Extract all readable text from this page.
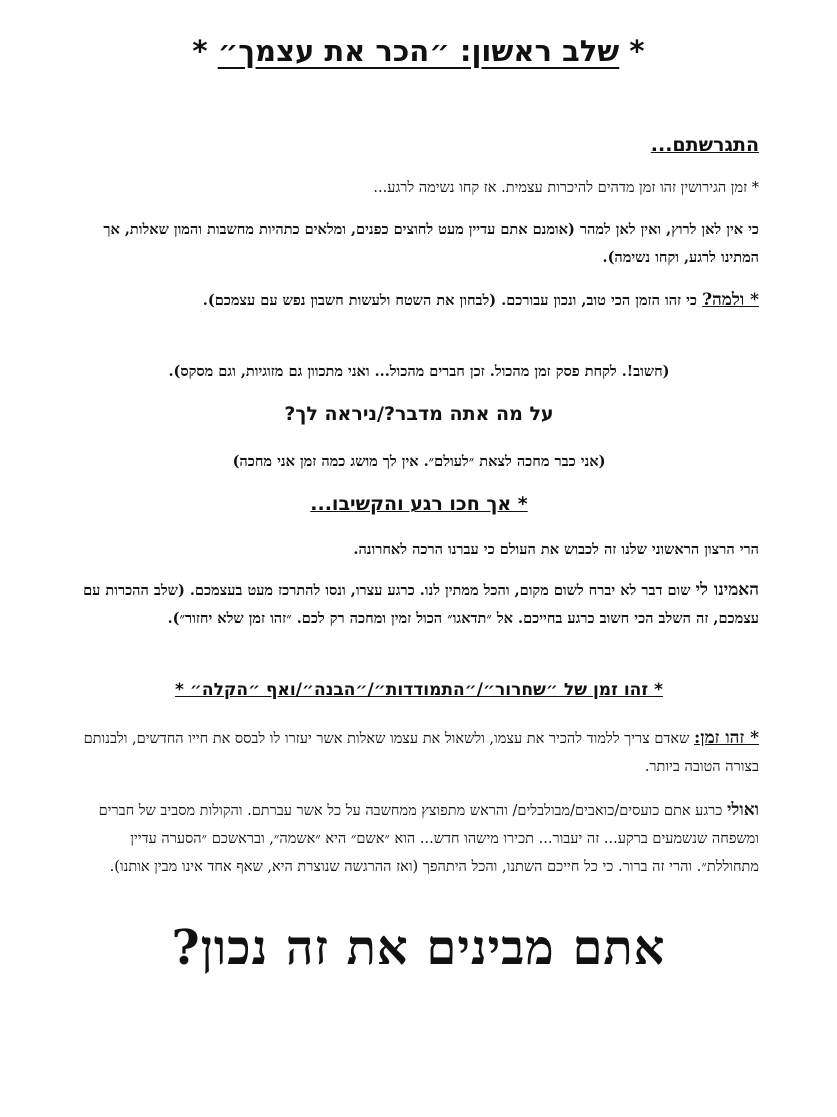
* שלב ראשון: ״הכר את עצמך״ *
התגרשתם...
* זמן הגירושין זהו זמן מדהים להיכרות עצמית. אז קחו נשימה לרגע...
כי אין לאן לרוץ, ואין לאן למהר (אומנם אתם עדיין מעט לחוצים כפנים, ומלאים כתהיות מחשבות והמון שאלות, אך המתינו לרגע, וקחו נשימה).
* ולמה? כי זהו הזמן הכי טוב, ונכון עבורכם. (לבחון את השטח ולעשות חשבון נפש עם עצמכם).
(חשוב!. לקחת פסק זמן מהכול. זכן חברים מהכול... ואני מתכוון גם מזוגיות, וגם מסקס).
על מה אתה מדבר?/ניראה לך?
(אני כבר מחכה לצאת ״לעולם״. אין לך מושג כמה זמן אני מחכה)
* אך חכו רגע והקשיבו...
הרי הרצון הראשוני שלנו זה לכבוש את העולם כי עברנו הרכה לאחרונה.
האמינו לי שום דבר לא יברח לשום מקום, והכל ממתין לנו. כרגע עצרו, ונסו להתרכז מעט בעצמכם. (שלב ההכרות עם עצמכם, זה השלב הכי חשוב כרגע בחייכם. אל ״תדאגו״ הכול זמין ומחכה רק לכם. ״זהו זמן שלא יחזור״).
* זהו זמן של ״שחרור״/״התמודדות״/״הבנה״/ואף ״הקלה״ *
* זהו זמן: שאדם צריך ללמוד להכיר את עצמו, ולשאול את עצמו שאלות אשר יעזרו לו לבסס את חייו החדשים, ולבנותם בצורה הטובה ביותר.
ואולי כרגע אתם כועסים/כואבים/מבולבלים/ והראש מתפוצץ ממחשבה על כל אשר עברתם. והקולות מסביב של חברים ומשפחה שנשמעים ברקע... זה יעבור... תכירו מישהו חדש... הוא ״אשם״ היא ״אשמה״, ובראשכם ״הסערה עדיין מתחוללת״. והרי זה ברור. כי כל חייכם השתנו, והכל היתהפך (ואז ההרגשה שנוצרת היא, שאף אחד אינו מבין אותנו).
אתם מבינים את זה נכון?
